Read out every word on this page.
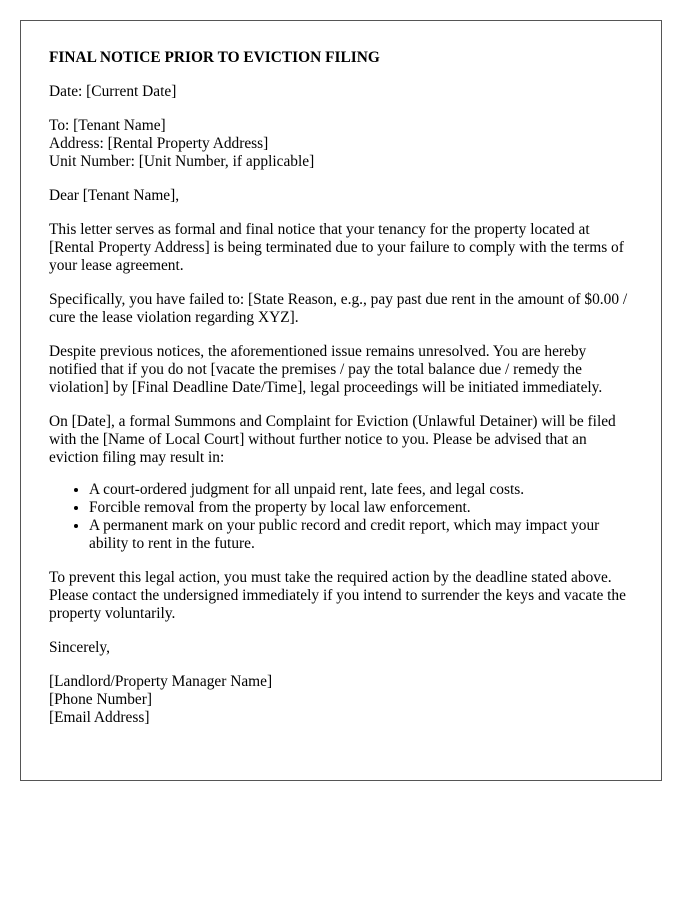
FINAL NOTICE PRIOR TO EVICTION FILING
Date: [Current Date]
To: [Tenant Name]
Address: [Rental Property Address]
Unit Number: [Unit Number, if applicable]
Dear [Tenant Name],
This letter serves as formal and final notice that your tenancy for the property located at [Rental Property Address] is being terminated due to your failure to comply with the terms of your lease agreement.
Specifically, you have failed to: [State Reason, e.g., pay past due rent in the amount of $0.00 / cure the lease violation regarding XYZ].
Despite previous notices, the aforementioned issue remains unresolved. You are hereby notified that if you do not [vacate the premises / pay the total balance due / remedy the violation] by [Final Deadline Date/Time], legal proceedings will be initiated immediately.
On [Date], a formal Summons and Complaint for Eviction (Unlawful Detainer) will be filed with the [Name of Local Court] without further notice to you. Please be advised that an eviction filing may result in:
• A court-ordered judgment for all unpaid rent, late fees, and legal costs.
• Forcible removal from the property by local law enforcement.
• A permanent mark on your public record and credit report, which may impact your ability to rent in the future.
To prevent this legal action, you must take the required action by the deadline stated above. Please contact the undersigned immediately if you intend to surrender the keys and vacate the property voluntarily.
Sincerely,
[Landlord/Property Manager Name]
[Phone Number]
[Email Address]
